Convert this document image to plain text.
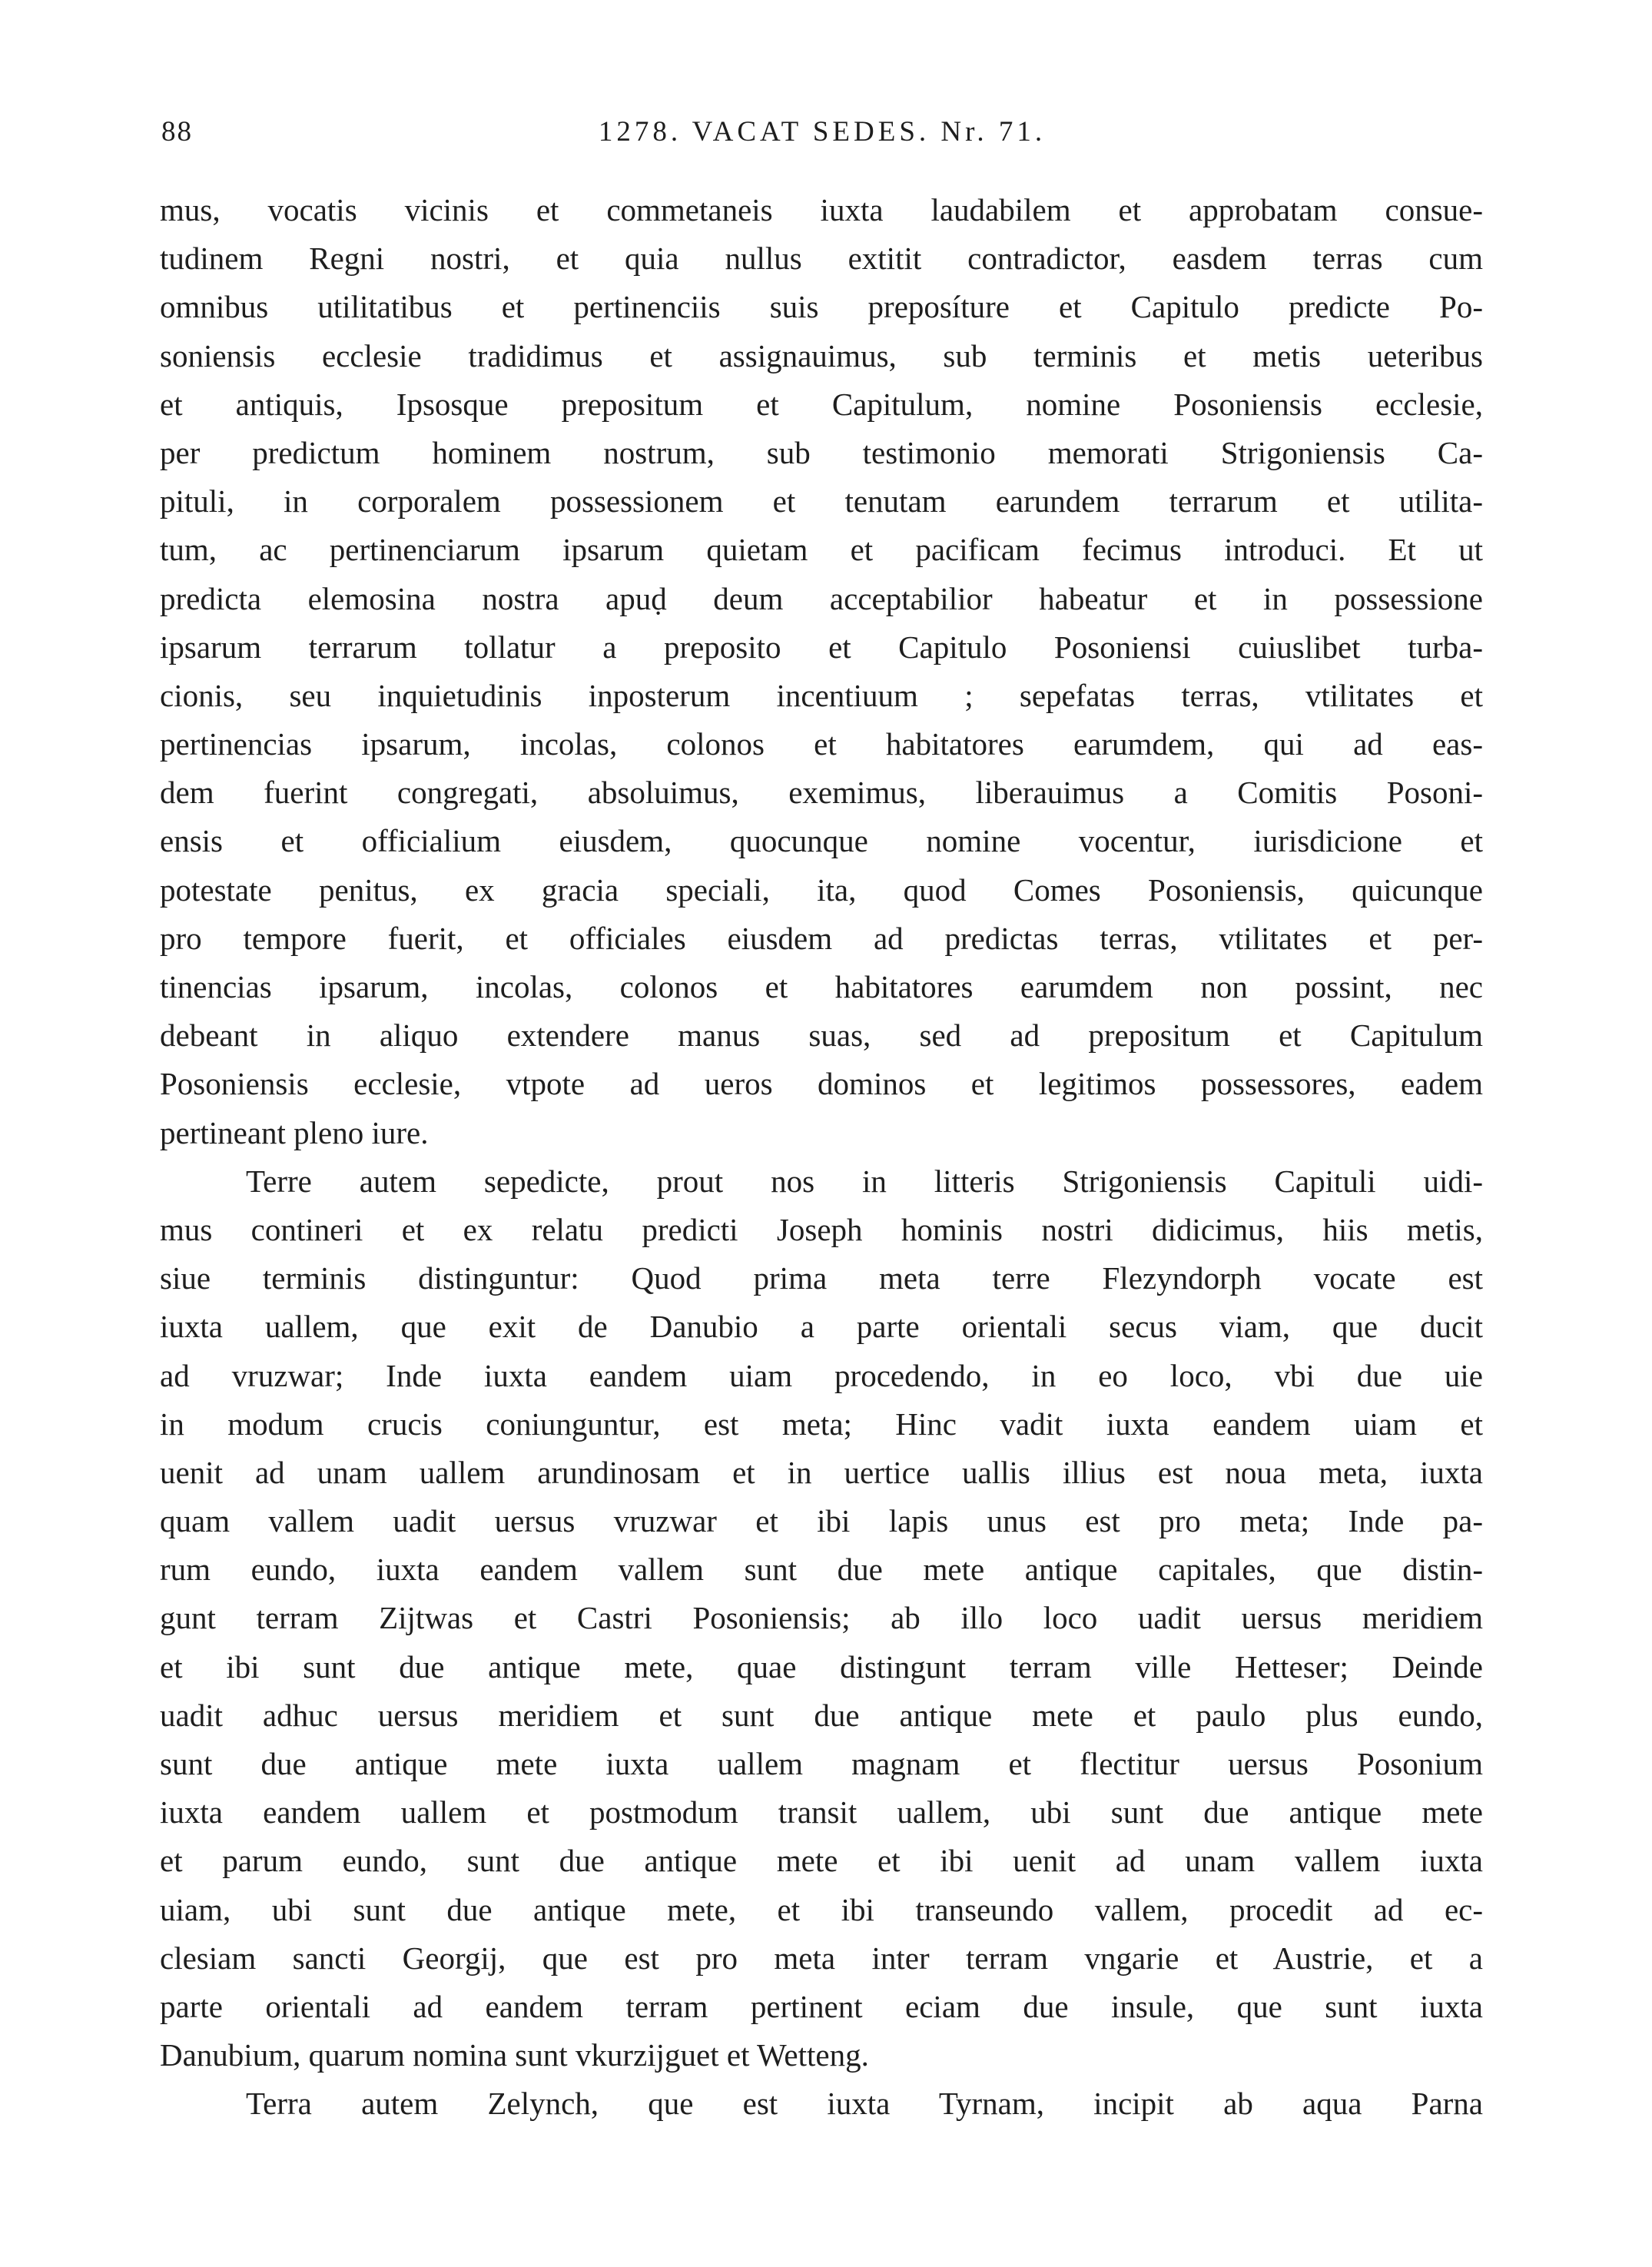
88	1278. VACAT SEDES. Nr. 71.
mus, vocatis vicinis et commetaneis iuxta laudabilem et approbatam consue-
tudinem Regni nostri, et quia nullus extitit contradictor, easdem terras cum
omnibus utilitatibus et pertinenciis suis preposíture et Capitulo predicte Po-
soniensis ecclesie tradidimus et assignauimus, sub terminis et metis ueteribus
et antiquis, Ipsosque prepositum et Capitulum, nomine Posoniensis ecclesie,
per predictum hominem nostrum, sub testimonio memorati Strigoniensis Ca-
pituli, in corporalem possessionem et tenutam earundem terrarum et utilita-
tum, ac pertinenciarum ipsarum quietam et pacificam fecimus introduci. Et ut
predicta elemosina nostra apuḍ deum acceptabilior habeatur et in possessione
ipsarum terrarum tollatur a preposito et Capitulo Posoniensi cuiuslibet turba-
cionis, seu inquietudinis inposterum incentiuum ; sepefatas terras, vtilitates et
pertinencias ipsarum, incolas, colonos et habitatores earumdem, qui ad eas-
dem fuerint congregati, absoluimus, exemimus, liberauimus a Comitis Posoni-
ensis et officialium eiusdem, quocunque nomine vocentur, iurisdicione et
potestate penitus, ex gracia speciali, ita, quod Comes Posoniensis, quicunque
pro tempore fuerit, et officiales eiusdem ad predictas terras, vtilitates et per-
tinencias ipsarum, incolas, colonos et habitatores earumdem non possint, nec
debeant in aliquo extendere manus suas, sed ad prepositum et Capitulum
Posoniensis ecclesie, vtpote ad ueros dominos et legitimos possessores, eadem
pertineant pleno iure.
Terre autem sepedicte, prout nos in litteris Strigoniensis Capituli uidi-
mus contineri et ex relatu predicti Joseph hominis nostri didicimus, hiis metis,
siue terminis distinguntur: Quod prima meta terre Flezyndorph vocate est
iuxta uallem, que exit de Danubio a parte orientali secus viam, que ducit
ad vruzwar; Inde iuxta eandem uiam procedendo, in eo loco, vbi due uie
in modum crucis coniunguntur, est meta; Hinc vadit iuxta eandem uiam et
uenit ad unam uallem arundinosam et in uertice uallis illius est noua meta, iuxta
quam vallem uadit uersus vruzwar et ibi lapis unus est pro meta; Inde pa-
rum eundo, iuxta eandem vallem sunt due mete antique capitales, que distin-
gunt terram Zijtwas et Castri Posoniensis; ab illo loco uadit uersus meridiem
et ibi sunt due antique mete, quae distingunt terram ville Hetteser; Deinde
uadit adhuc uersus meridiem et sunt due antique mete et paulo plus eundo,
sunt due antique mete iuxta uallem magnam et flectitur uersus Posonium
iuxta eandem uallem et postmodum transit uallem, ubi sunt due antique mete
et parum eundo, sunt due antique mete et ibi uenit ad unam vallem iuxta
uiam, ubi sunt due antique mete, et ibi transeundo vallem, procedit ad ec-
clesiam sancti Georgij, que est pro meta inter terram vngarie et Austrie, et a
parte orientali ad eandem terram pertinent eciam due insule, que sunt iuxta
Danubium, quarum nomina sunt vkurzijguet et Wetteng.
Terra autem Zelynch, que est iuxta Tyrnam, incipit ab aqua Parna
